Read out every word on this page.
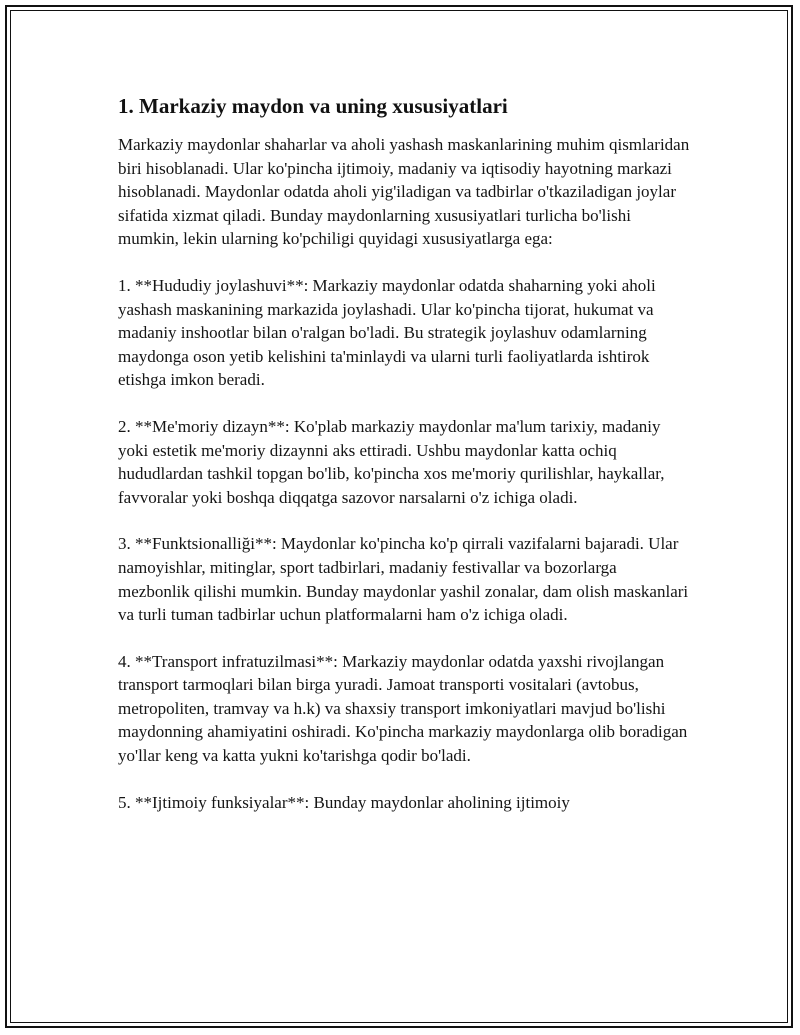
1. Markaziy maydon va uning xususiyatlari

Markaziy maydonlar shaharlar va aholi yashash maskanlarining muhim qismlaridan biri hisoblanadi. Ular ko'pincha ijtimoiy, madaniy va iqtisodiy hayotning markazi hisoblanadi. Maydonlar odatda aholi yig'iladigan va tadbirlar o'tkaziladigan joylar sifatida xizmat qiladi. Bunday maydonlarning xususiyatlari turlicha bo'lishi mumkin, lekin ularning ko'pchiligi quyidagi xususiyatlarga ega:

1. **Hududiy joylashuvi**: Markaziy maydonlar odatda shaharning yoki aholi yashash maskanining markazida joylashadi. Ular ko'pincha tijorat, hukumat va madaniy inshootlar bilan o'ralgan bo'ladi. Bu strategik joylashuv odamlarning maydonga oson yetib kelishini ta'minlaydi va ularni turli faoliyatlarda ishtirok etishga imkon beradi.

2. **Me'moriy dizayn**: Ko'plab markaziy maydonlar ma'lum tarixiy, madaniy yoki estetik me'moriy dizaynni aks ettiradi. Ushbu maydonlar katta ochiq hududlardan tashkil topgan bo'lib, ko'pincha xos me'moriy qurilishlar, haykallar, favvoralar yoki boshqa diqqatga sazovor narsalarni o'z ichiga oladi.

3. **Funktsionalliği**: Maydonlar ko'pincha ko'p qirrali vazifalarni bajaradi. Ular namoyishlar, mitinglar, sport tadbirlari, madaniy festivallar va bozorlarga mezbonlik qilishi mumkin. Bunday maydonlar yashil zonalar, dam olish maskanlari va turli tuman tadbirlar uchun platformalarni ham o'z ichiga oladi.

4. **Transport infratuzilmasi**: Markaziy maydonlar odatda yaxshi rivojlangan transport tarmoqlari bilan birga yuradi. Jamoat transporti vositalari (avtobus, metropoliten, tramvay va h.k) va shaxsiy transport imkoniyatlari mavjud bo'lishi maydonning ahamiyatini oshiradi. Ko'pincha markaziy maydonlarga olib boradigan yo'llar keng va katta yukni ko'tarishga qodir bo'ladi.

5. **Ijtimoiy funksiyalar**: Bunday maydonlar aholining ijtimoiy
